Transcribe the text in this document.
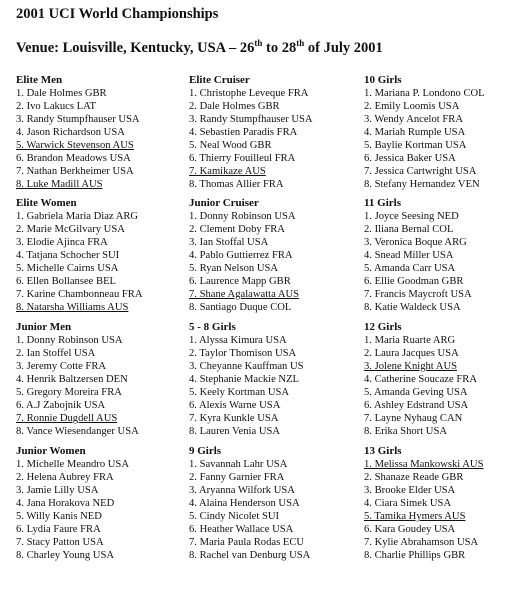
2001 UCI World Championships
Venue: Louisville, Kentucky, USA – 26th to 28th of July 2001
Elite Men
1. Dale Holmes GBR
2. Ivo Lakucs LAT
3. Randy Stumpfhauser USA
4. Jason Richardson USA
5. Warwick Stevenson AUS
6. Brandon Meadows USA
7. Nathan Berkheimer USA
8. Luke Madill AUS
Elite Women
1. Gabriela Maria Diaz ARG
2. Marie McGilvary USA
3. Elodie Ajinca FRA
4. Tatjana Schocher SUI
5. Michelle Cairns USA
6. Ellen Bollansee BEL
7. Karine Chambonneau FRA
8. Natarsha Williams AUS
Junior Men
1. Donny Robinson USA
2. Ian Stoffel USA
3. Jeremy Cotte FRA
4. Henrik Baltzersen DEN
5. Gregory Moreira FRA
6. A.J Zabojnik USA
7. Ronnie Dugdell AUS
8. Vance Wiesendanger USA
Junior Women
1. Michelle Meandro USA
2. Helena Aubrey FRA
3. Jamie Lilly USA
4. Jana Horakova NED
5. Willy Kanis NED
6. Lydia Faure FRA
7. Stacy Patton USA
8. Charley Young USA
Elite Cruiser
1. Christophe Leveque FRA
2. Dale Holmes GBR
3. Randy Stumpfhauser USA
4. Sebastien Paradis FRA
5. Neal Wood GBR
6. Thierry Fouilleul FRA
7. Kamikaze AUS
8. Thomas Allier FRA
Junior Cruiser
1. Donny Robinson USA
2. Clement Doby FRA
3. Ian Stoffal USA
4. Pablo Guttierrez FRA
5. Ryan Nelson USA
6. Laurence Mapp GBR
7. Shane Agalawatta AUS
8. Santiago Duque COL
5 - 8 Girls
1. Alyssa Kimura USA
2. Taylor Thomison USA
3. Cheyanne Kauffman US
4. Stephanie Mackie NZL
5. Keely Kortman USA
6. Alexis Warne USA
7. Kyra Kunkle USA
8. Lauren Venia USA
9 Girls
1. Savannah Lahr USA
2. Fanny Garnier FRA
3. Aryanna Wilfork USA
4. Alaina Henderson USA
5. Cindy Nicolet SUI
6. Heather Wallace USA
7. Maria Paula Rodas ECU
8. Rachel van Denburg USA
10 Girls
1. Mariana P. Londono COL
2. Emily Loomis USA
3. Wendy Ancelot FRA
4. Mariah Rumple USA
5. Baylie Kortman USA
6. Jessica Baker USA
7. Jessica Cartwright USA
8. Stefany Hernandez VEN
11 Girls
1. Joyce Seesing NED
2. Iliana Bernal COL
3. Veronica Boque ARG
4. Snead Miller USA
5. Amanda Carr USA
6. Ellie Goodman GBR
7. Francis Maycroft USA
8. Katie Waldeck USA
12 Girls
1. Maria Ruarte ARG
2. Laura Jacques USA
3. Jolene Knight AUS
4. Catherine Soucaze FRA
5. Amanda Geving USA
6. Ashley Edstrand USA
7. Layne Nyhaug CAN
8. Erika Short USA
13 Girls
1. Melissa Mankowski AUS
2. Shanaze Reade GBR
3. Brooke Elder USA
4. Ciara Simek USA
5. Tamika Hymers AUS
6. Kara Goudey USA
7. Kylie Abrahamson USA
8. Charlie Phillips GBR
